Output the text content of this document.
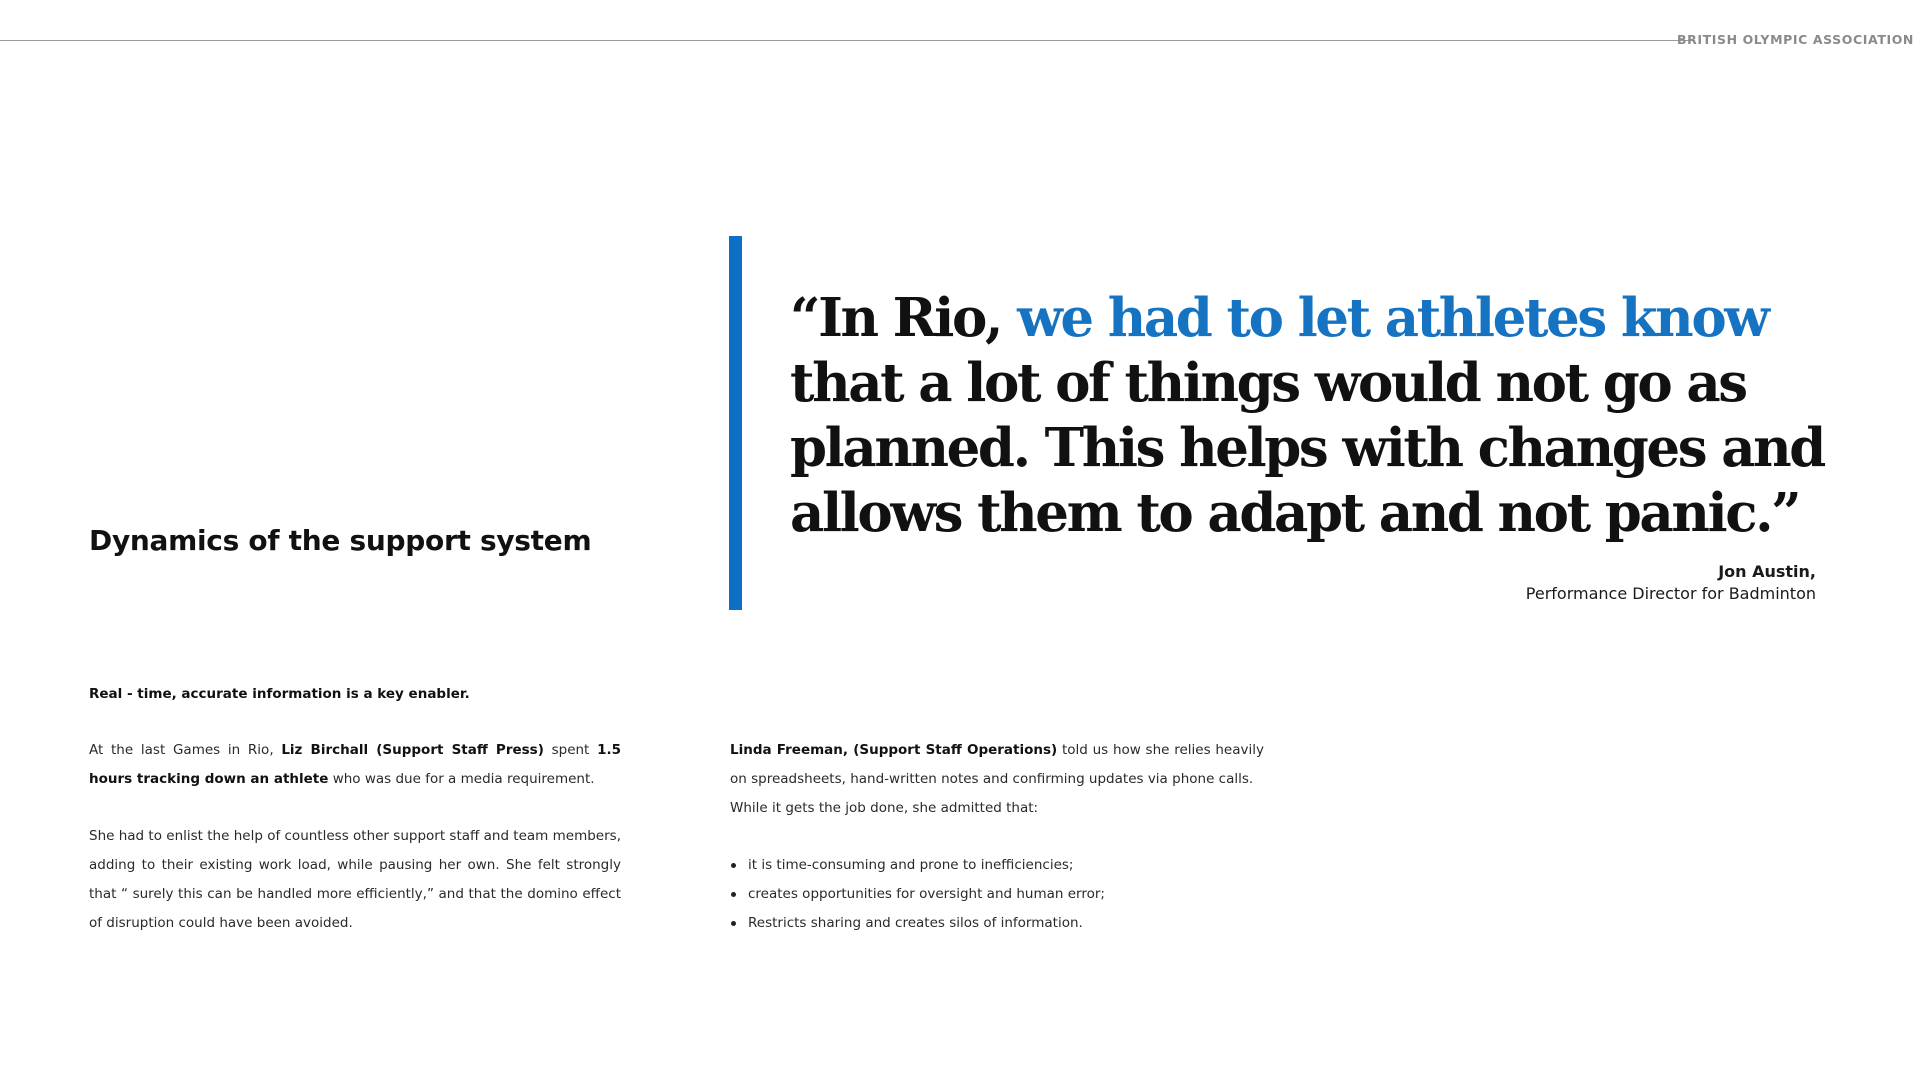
BRITISH OLYMPIC ASSOCIATION
Dynamics of the support system
“In Rio, we had to let athletes know that a lot of things would not go as planned. This helps with changes and allows them to adapt and not panic.”
Jon Austin,
Performance Director for Badminton

Real - time, accurate information is a key enabler.

At the last Games in Rio, Liz Birchall (Support Staff Press) spent 1.5 hours tracking down an athlete who was due for a media requirement.

She had to enlist the help of countless other support staff and team members, adding to their existing work load, while pausing her own. She felt strongly that “ surely this can be handled more efficiently,” and that the domino effect of disruption could have been avoided.

Linda Freeman, (Support Staff Operations) told us how she relies heavily on spreadsheets, hand-written notes and confirming updates via phone calls.

While it gets the job done, she admitted that:

it is time-consuming and prone to inefficiencies;
creates opportunities for oversight and human error;
Restricts sharing and creates silos of information.
